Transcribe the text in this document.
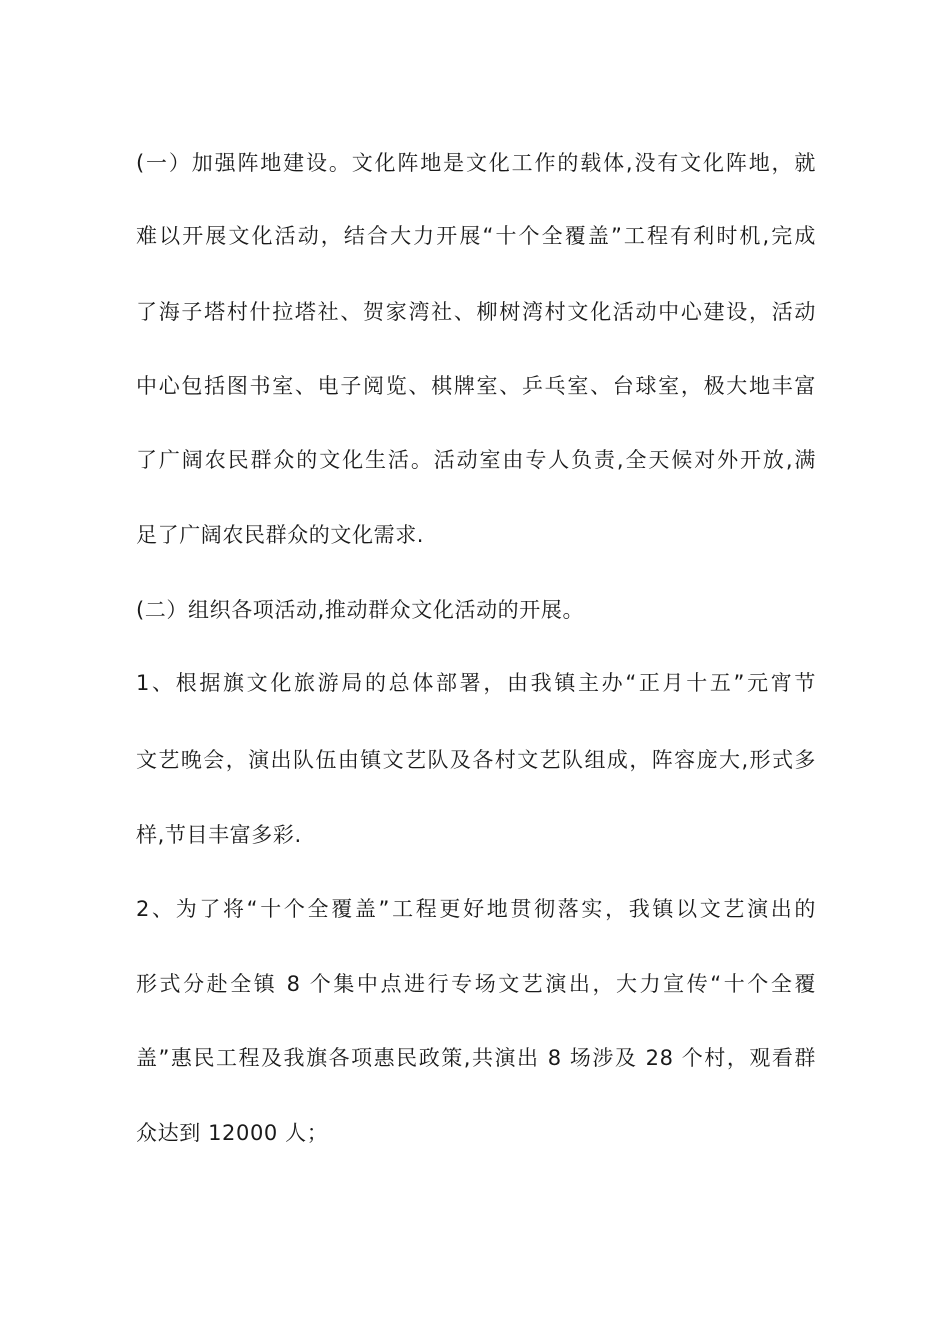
(一）加强阵地建设。文化阵地是文化工作的载体,没有文化阵地，就
难以开展文化活动，结合大力开展“十个全覆盖”工程有利时机,完成
了海子塔村什拉塔社、贺家湾社、柳树湾村文化活动中心建设，活动
中心包括图书室、电子阅览、棋牌室、乒乓室、台球室，极大地丰富
了广阔农民群众的文化生活。活动室由专人负责,全天候对外开放,满
足了广阔农民群众的文化需求.
(二）组织各项活动,推动群众文化活动的开展。
1、根据旗文化旅游局的总体部署，由我镇主办“正月十五”元宵节
文艺晚会，演出队伍由镇文艺队及各村文艺队组成，阵容庞大,形式多
样,节目丰富多彩.
2、为了将“十个全覆盖”工程更好地贯彻落实，我镇以文艺演出的
形式分赴全镇 8 个集中点进行专场文艺演出，大力宣传“十个全覆
盖”惠民工程及我旗各项惠民政策,共演出 8 场涉及 28 个村，观看群
众达到 12000 人；
